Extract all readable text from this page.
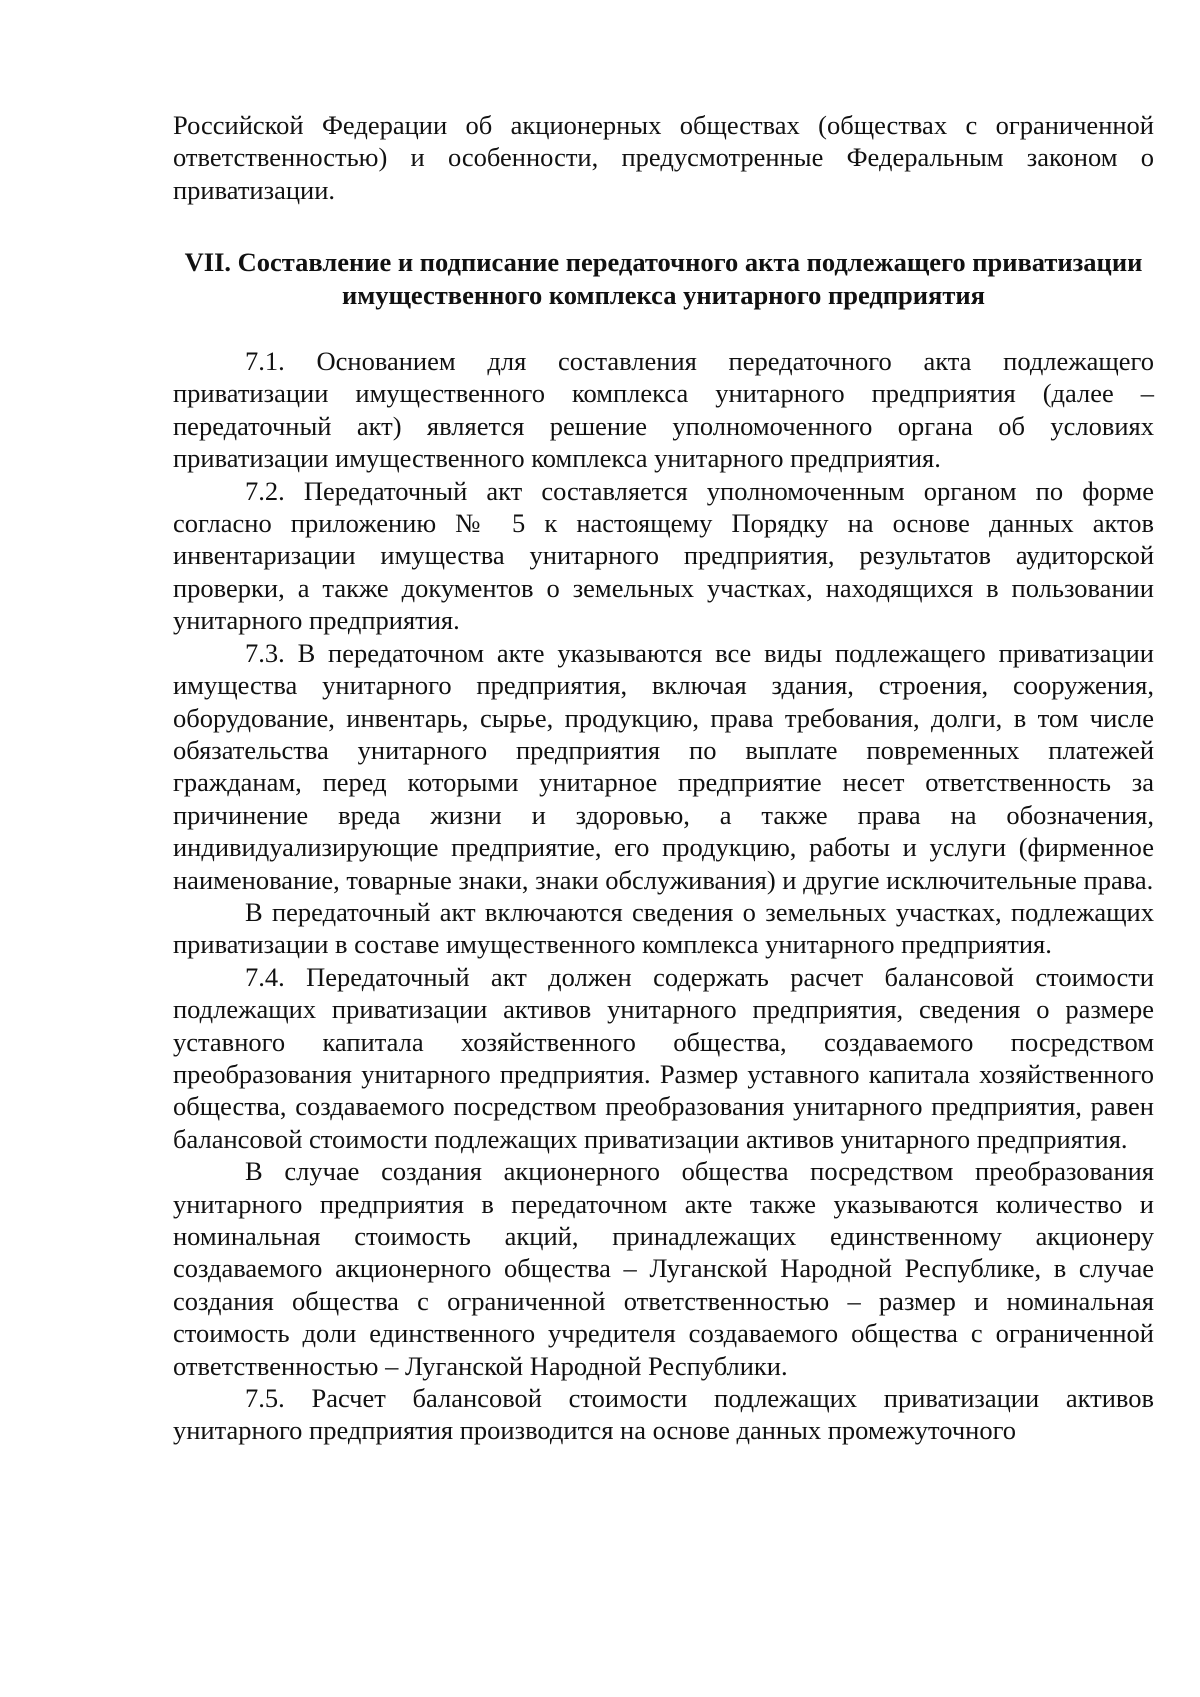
Российской Федерации об акционерных обществах (обществах с ограниченной ответственностью) и особенности, предусмотренные Федеральным законом о приватизации.

VII. Составление и подписание передаточного акта подлежащего приватизации имущественного комплекса унитарного предприятия

7.1. Основанием для составления передаточного акта подлежащего приватизации имущественного комплекса унитарного предприятия (далее – передаточный акт) является решение уполномоченного органа об условиях приватизации имущественного комплекса унитарного предприятия.

7.2. Передаточный акт составляется уполномоченным органом по форме согласно приложению № 5 к настоящему Порядку на основе данных актов инвентаризации имущества унитарного предприятия, результатов аудиторской проверки, а также документов о земельных участках, находящихся в пользовании унитарного предприятия.

7.3. В передаточном акте указываются все виды подлежащего приватизации имущества унитарного предприятия, включая здания, строения, сооружения, оборудование, инвентарь, сырье, продукцию, права требования, долги, в том числе обязательства унитарного предприятия по выплате повременных платежей гражданам, перед которыми унитарное предприятие несет ответственность за причинение вреда жизни и здоровью, а также права на обозначения, индивидуализирующие предприятие, его продукцию, работы и услуги (фирменное наименование, товарные знаки, знаки обслуживания) и другие исключительные права.

В передаточный акт включаются сведения о земельных участках, подлежащих приватизации в составе имущественного комплекса унитарного предприятия.

7.4. Передаточный акт должен содержать расчет балансовой стоимости подлежащих приватизации активов унитарного предприятия, сведения о размере уставного капитала хозяйственного общества, создаваемого посредством преобразования унитарного предприятия. Размер уставного капитала хозяйственного общества, создаваемого посредством преобразования унитарного предприятия, равен балансовой стоимости подлежащих приватизации активов унитарного предприятия.

В случае создания акционерного общества посредством преобразования унитарного предприятия в передаточном акте также указываются количество и номинальная стоимость акций, принадлежащих единственному акционеру создаваемого акционерного общества – Луганской Народной Республике, в случае создания общества с ограниченной ответственностью – размер и номинальная стоимость доли единственного учредителя создаваемого общества с ограниченной ответственностью – Луганской Народной Республики.

7.5. Расчет балансовой стоимости подлежащих приватизации активов унитарного предприятия производится на основе данных промежуточного
